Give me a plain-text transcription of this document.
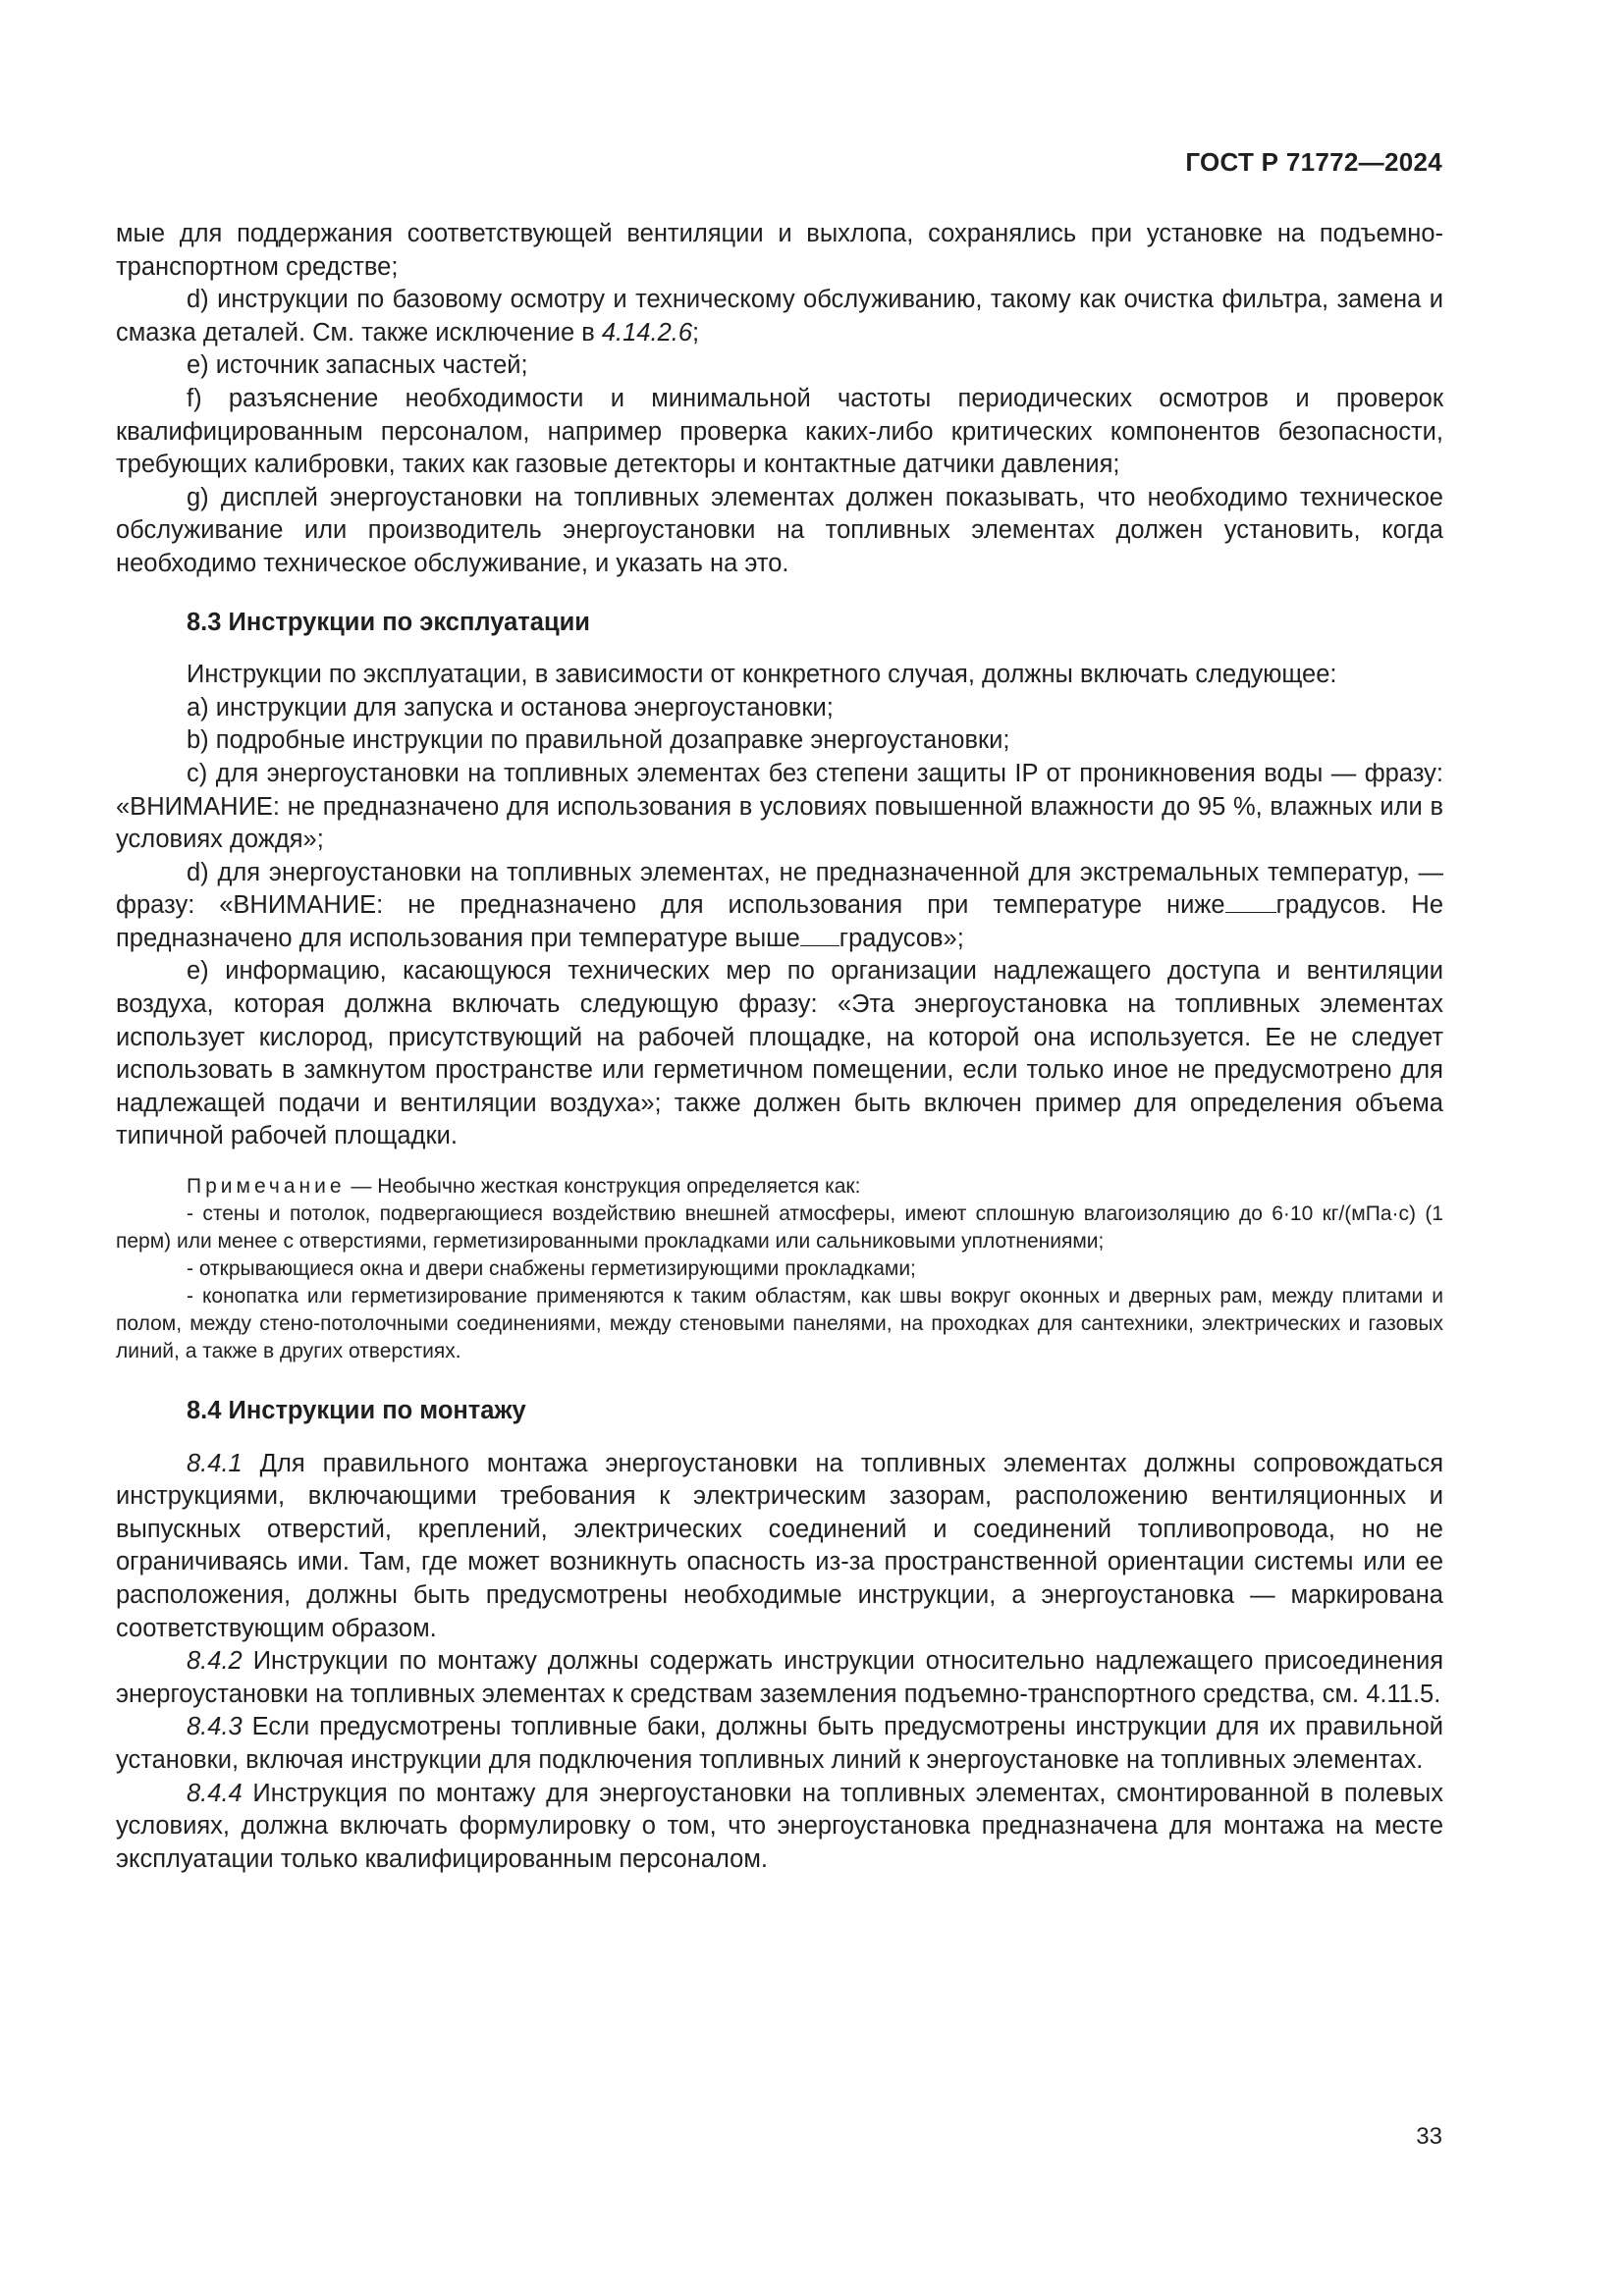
ГОСТ Р 71772—2024

мые для поддержания соответствующей вентиляции и выхлопа, сохранялись при установке на подъемно-транспортном средстве;

d) инструкции по базовому осмотру и техническому обслуживанию, такому как очистка фильтра, замена и смазка деталей. См. также исключение в 4.14.2.6;

e) источник запасных частей;

f) разъяснение необходимости и минимальной частоты периодических осмотров и проверок квалифицированным персоналом, например проверка каких-либо критических компонентов безопасности, требующих калибровки, таких как газовые детекторы и контактные датчики давления;

g) дисплей энергоустановки на топливных элементах должен показывать, что необходимо техническое обслуживание или производитель энергоустановки на топливных элементах должен установить, когда необходимо техническое обслуживание, и указать на это.

8.3 Инструкции по эксплуатации

Инструкции по эксплуатации, в зависимости от конкретного случая, должны включать следующее:

a) инструкции для запуска и останова энергоустановки;

b) подробные инструкции по правильной дозаправке энергоустановки;

c) для энергоустановки на топливных элементах без степени защиты IP от проникновения воды — фразу: «ВНИМАНИЕ: не предназначено для использования в условиях повышенной влажности до 95 %, влажных или в условиях дождя»;

d) для энергоустановки на топливных элементах, не предназначенной для экстремальных температур, — фразу: «ВНИМАНИЕ: не предназначено для использования при температуре ниже градусов. Не предназначено для использования при температуре выше градусов»;

e) информацию, касающуюся технических мер по организации надлежащего доступа и вентиляции воздуха, которая должна включать следующую фразу: «Эта энергоустановка на топливных элементах использует кислород, присутствующий на рабочей площадке, на которой она используется. Ее не следует использовать в замкнутом пространстве или герметичном помещении, если только иное не предусмотрено для надлежащей подачи и вентиляции воздуха»; также должен быть включен пример для определения объема типичной рабочей площадки.

Примечание — Необычно жесткая конструкция определяется как:

- стены и потолок, подвергающиеся воздействию внешней атмосферы, имеют сплошную влагоизоляцию до 6·10 кг/(мПа·с) (1 перм) или менее с отверстиями, герметизированными прокладками или сальниковыми уплотнениями;

- открывающиеся окна и двери снабжены герметизирующими прокладками;

- конопатка или герметизирование применяются к таким областям, как швы вокруг оконных и дверных рам, между плитами и полом, между стено-потолочными соединениями, между стеновыми панелями, на проходках для сантехники, электрических и газовых линий, а также в других отверстиях.

8.4 Инструкции по монтажу

8.4.1 Для правильного монтажа энергоустановки на топливных элементах должны сопровождаться инструкциями, включающими требования к электрическим зазорам, расположению вентиляционных и выпускных отверстий, креплений, электрических соединений и соединений топливопровода, но не ограничиваясь ими. Там, где может возникнуть опасность из-за пространственной ориентации системы или ее расположения, должны быть предусмотрены необходимые инструкции, а энергоустановка — маркирована соответствующим образом.

8.4.2 Инструкции по монтажу должны содержать инструкции относительно надлежащего присоединения энергоустановки на топливных элементах к средствам заземления подъемно-транспортного средства, см. 4.11.5.

8.4.3 Если предусмотрены топливные баки, должны быть предусмотрены инструкции для их правильной установки, включая инструкции для подключения топливных линий к энергоустановке на топливных элементах.

8.4.4 Инструкция по монтажу для энергоустановки на топливных элементах, смонтированной в полевых условиях, должна включать формулировку о том, что энергоустановка предназначена для монтажа на месте эксплуатации только квалифицированным персоналом.

33
